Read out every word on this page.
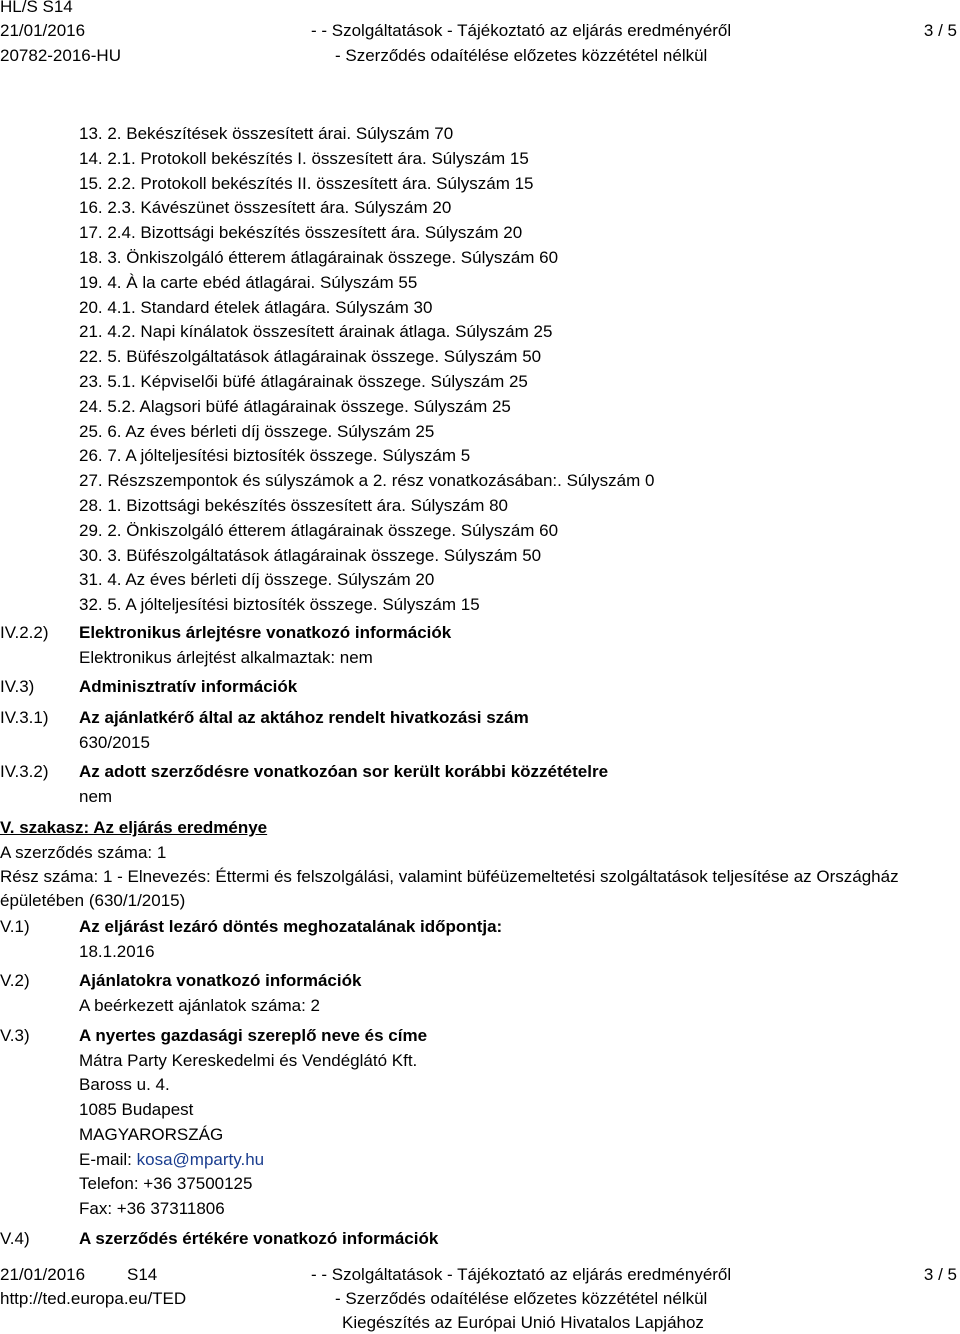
HL/S S14
21/01/2016
20782-2016-HU
- - Szolgáltatások - Tájékoztató az eljárás eredményéről
- Szerződés odaítélése előzetes közzététel nélkül
3 / 5
13. 2. Bekészítések összesített árai. Súlyszám 70
14. 2.1. Protokoll bekészítés I. összesített ára. Súlyszám 15
15. 2.2. Protokoll bekészítés II. összesített ára. Súlyszám 15
16. 2.3. Kávészünet összesített ára. Súlyszám 20
17. 2.4. Bizottsági bekészítés összesített ára. Súlyszám 20
18. 3. Önkiszolgáló étterem átlagárainak összege. Súlyszám 60
19. 4. À la carte ebéd átlagárai. Súlyszám 55
20. 4.1. Standard ételek átlagára. Súlyszám 30
21. 4.2. Napi kínálatok összesített árainak átlaga. Súlyszám 25
22. 5. Büfészolgáltatások átlagárainak összege. Súlyszám 50
23. 5.1. Képviselői büfé átlagárainak összege. Súlyszám 25
24. 5.2. Alagsori büfé átlagárainak összege. Súlyszám 25
25. 6. Az éves bérleti díj összege. Súlyszám 25
26. 7. A jólteljesítési biztosíték összege. Súlyszám 5
27. Részszempontok és súlyszámok a 2. rész vonatkozásában:. Súlyszám 0
28. 1. Bizottsági bekészítés összesített ára. Súlyszám 80
29. 2. Önkiszolgáló étterem átlagárainak összege. Súlyszám 60
30. 3. Büfészolgáltatások átlagárainak összege. Súlyszám 50
31. 4. Az éves bérleti díj összege. Súlyszám 20
32. 5. A jólteljesítési biztosíték összege. Súlyszám 15
IV.2.2) Elektronikus árlejtésre vonatkozó információk
Elektronikus árlejtést alkalmaztak: nem
IV.3)	Adminisztratív információk
IV.3.1) Az ajánlatkérő által az aktához rendelt hivatkozási szám
630/2015
IV.3.2) Az adott szerződésre vonatkozóan sor került korábbi közzétételre
nem
V. szakasz: Az eljárás eredménye
A szerződés száma: 1
Rész száma: 1 - Elnevezés: Éttermi és felszolgálási, valamint büféüzemeltetési szolgáltatások teljesítése az Országház
épületében (630/1/2015)
V.1)	Az eljárást lezáró döntés meghozatalának időpontja:
18.1.2016
V.2)	Ajánlatokra vonatkozó információk
A beérkezett ajánlatok száma: 2
V.3)	A nyertes gazdasági szereplő neve és címe
Mátra Party Kereskedelmi és Vendéglátó Kft.
Baross u. 4.
1085 Budapest
MAGYARORSZÁG
E-mail: kosa@mparty.hu
Telefon: +36 37500125
Fax: +36 37311806
V.4)	A szerződés értékére vonatkozó információk
21/01/2016 S14
http://ted.europa.eu/TED
- - Szolgáltatások - Tájékoztató az eljárás eredményéről
- Szerződés odaítélése előzetes közzététel nélkül
Kiegészítés az Európai Unió Hivatalos Lapjához
3 / 5
